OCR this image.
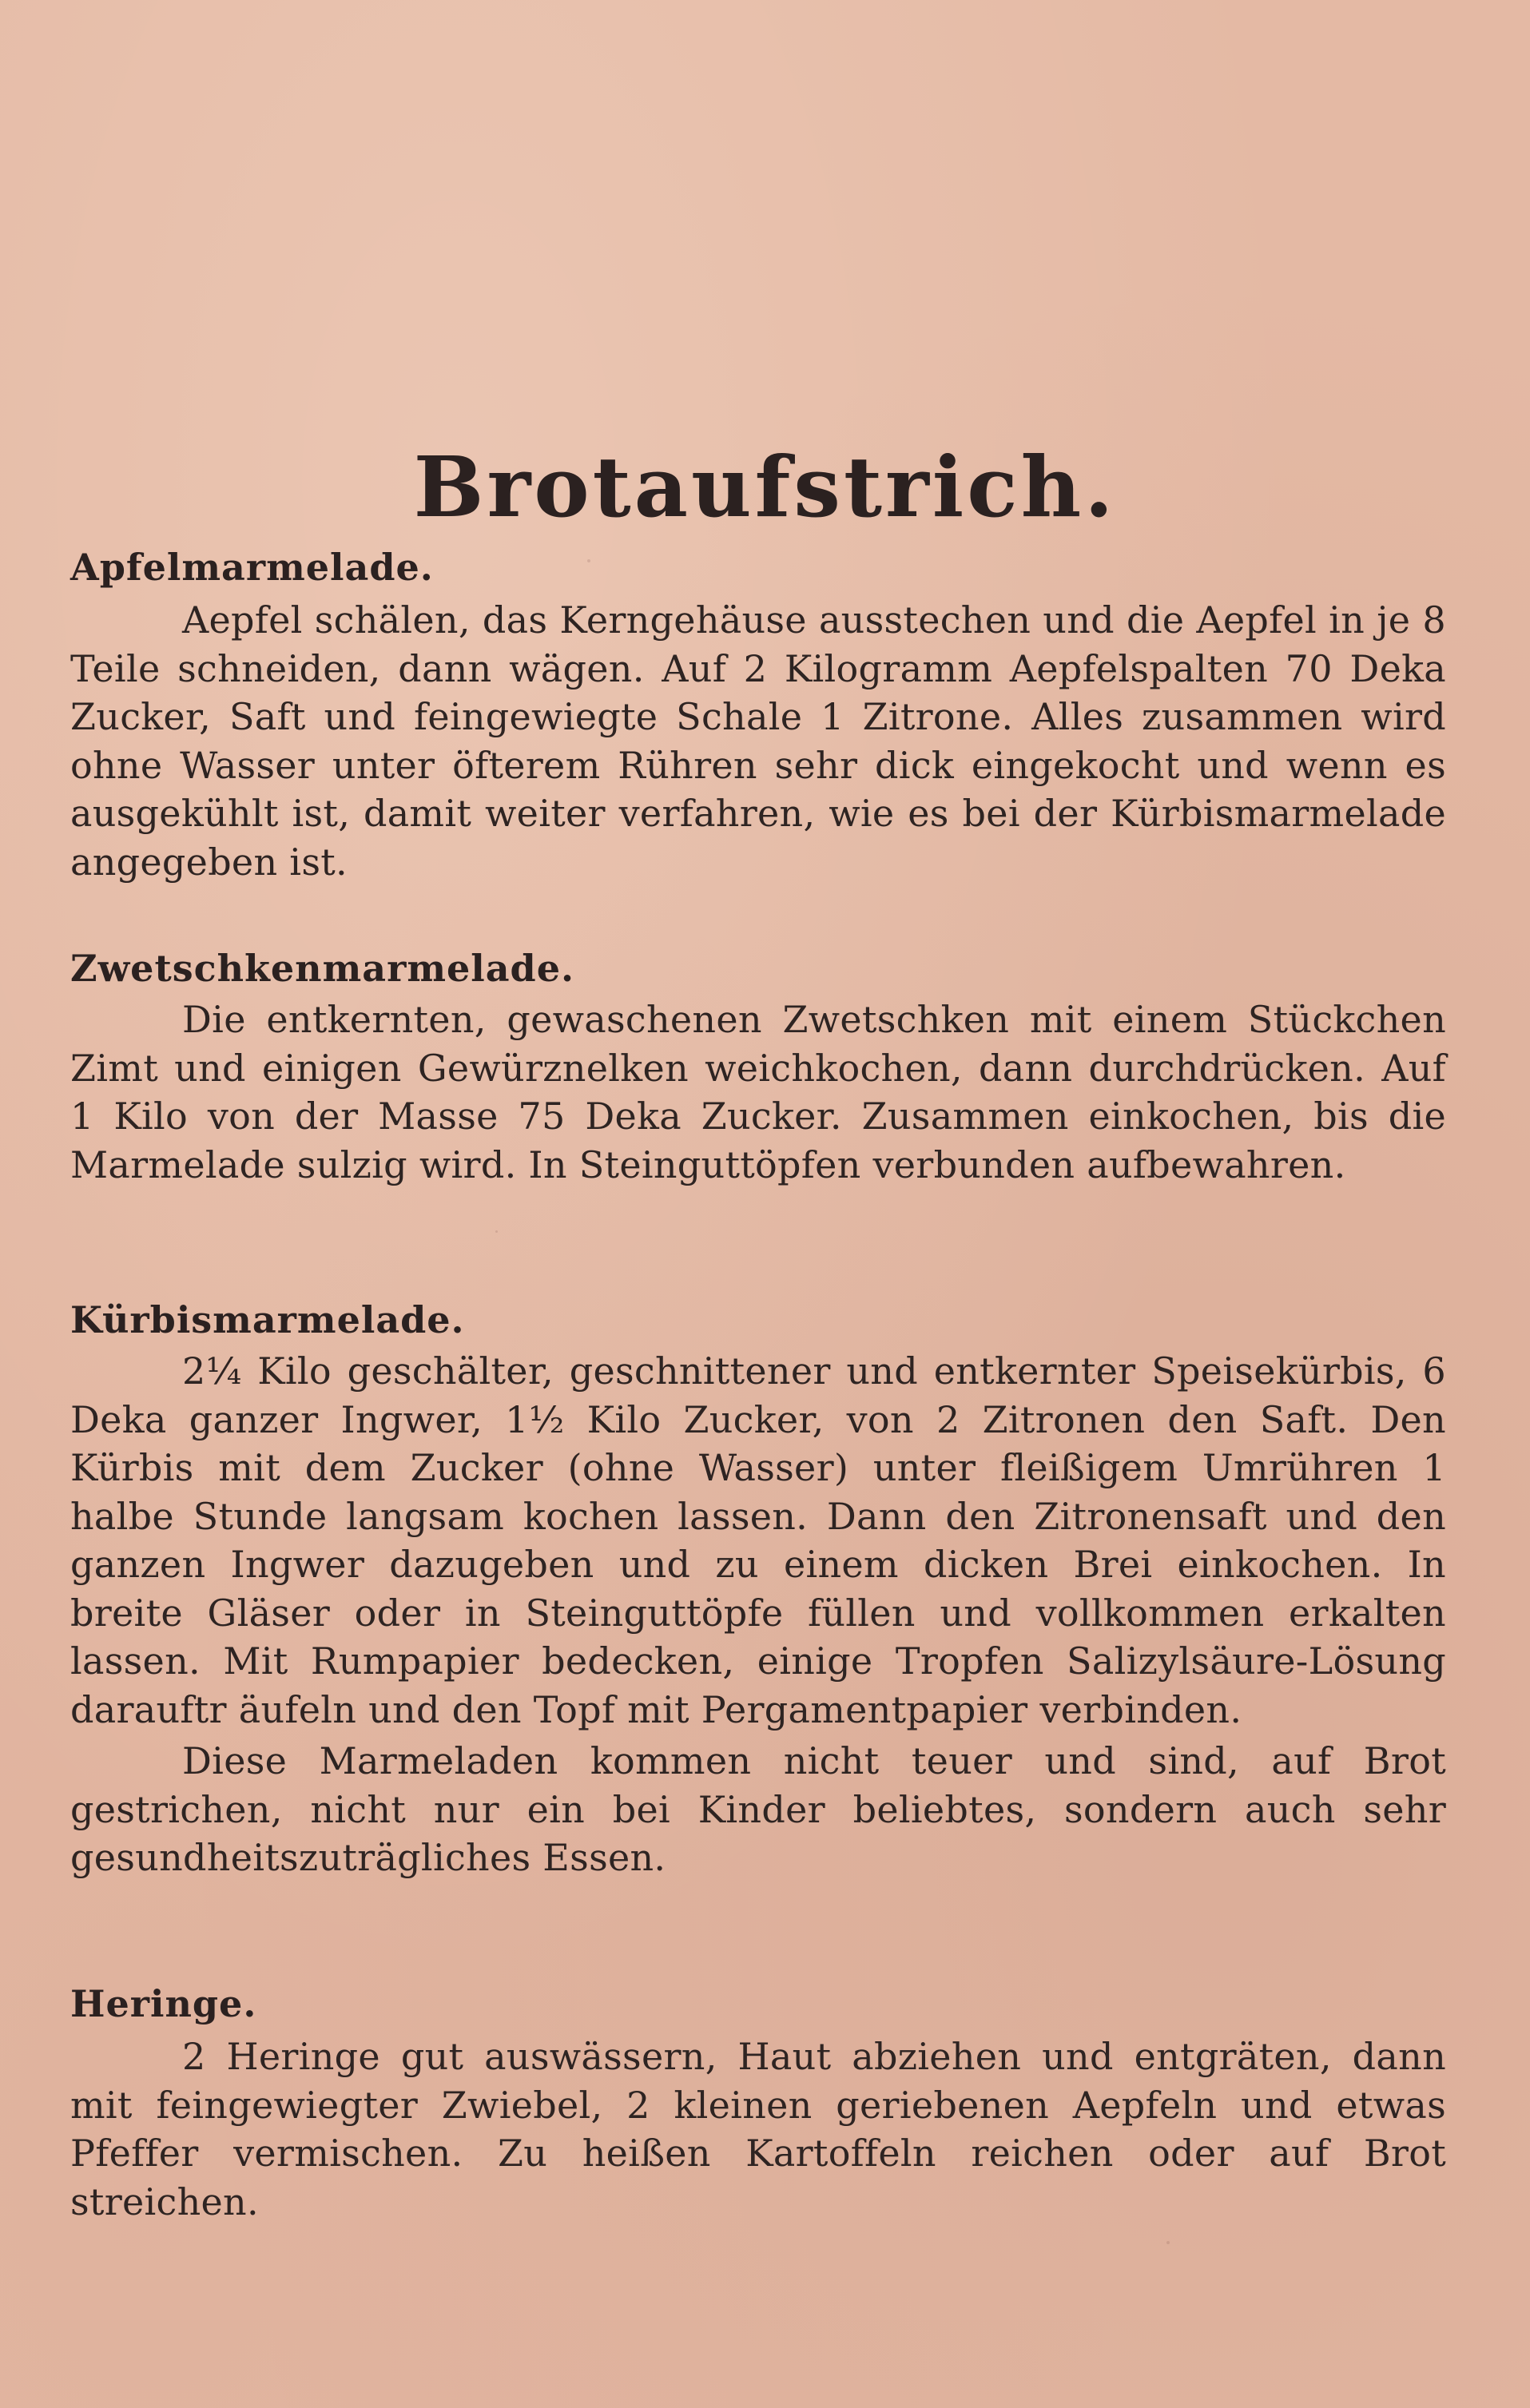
Brotaufstrich.
Apfelmarmelade.

Aepfel schälen, das Kerngehäuse ausstechen und die Aepfel in je 8 Teile schneiden, dann wägen. Auf 2 Kilogramm Aepfelspalten 70 Deka Zucker, Saft und feingewiegte Schale 1 Zitrone. Alles zusammen wird ohne Wasser unter öfterem Rühren sehr dick eingekocht und wenn es ausgekühlt ist, damit weiter verfahren, wie es bei der Kürbismarmelade angegeben ist.

Zwetschkenmarmelade.

Die entkernten, gewaschenen Zwetschken mit einem Stückchen Zimt und einigen Gewürznelken weichkochen, dann durchdrücken. Auf 1 Kilo von der Masse 75 Deka Zucker. Zusammen einkochen, bis die Marmelade sulzig wird. In Steinguttöpfen verbunden aufbewahren.

Kürbismarmelade.

2¼ Kilo geschälter, geschnittener und entkernter Speisekürbis, 6 Deka ganzer Ingwer, 1½ Kilo Zucker, von 2 Zitronen den Saft. Den Kürbis mit dem Zucker (ohne Wasser) unter fleißigem Umrühren 1 halbe Stunde langsam kochen lassen. Dann den Zitronensaft und den ganzen Ingwer dazugeben und zu einem dicken Brei einkochen. In breite Gläser oder in Steinguttöpfe füllen und vollkommen erkalten lassen. Mit Rumpapier bedecken, einige Tropfen Salizylsäure-Lösung darauftr äufeln und den Topf mit Pergamentpapier verbinden.

Diese Marmeladen kommen nicht teuer und sind, auf Brot gestrichen, nicht nur ein bei Kinder beliebtes, sondern auch sehr gesundheitszuträgliches Essen.

Heringe.

2 Heringe gut auswässern, Haut abziehen und entgräten, dann mit feingewiegter Zwiebel, 2 kleinen geriebenen Aepfeln und etwas Pfeffer vermischen. Zu heißen Kartoffeln reichen oder auf Brot streichen.
